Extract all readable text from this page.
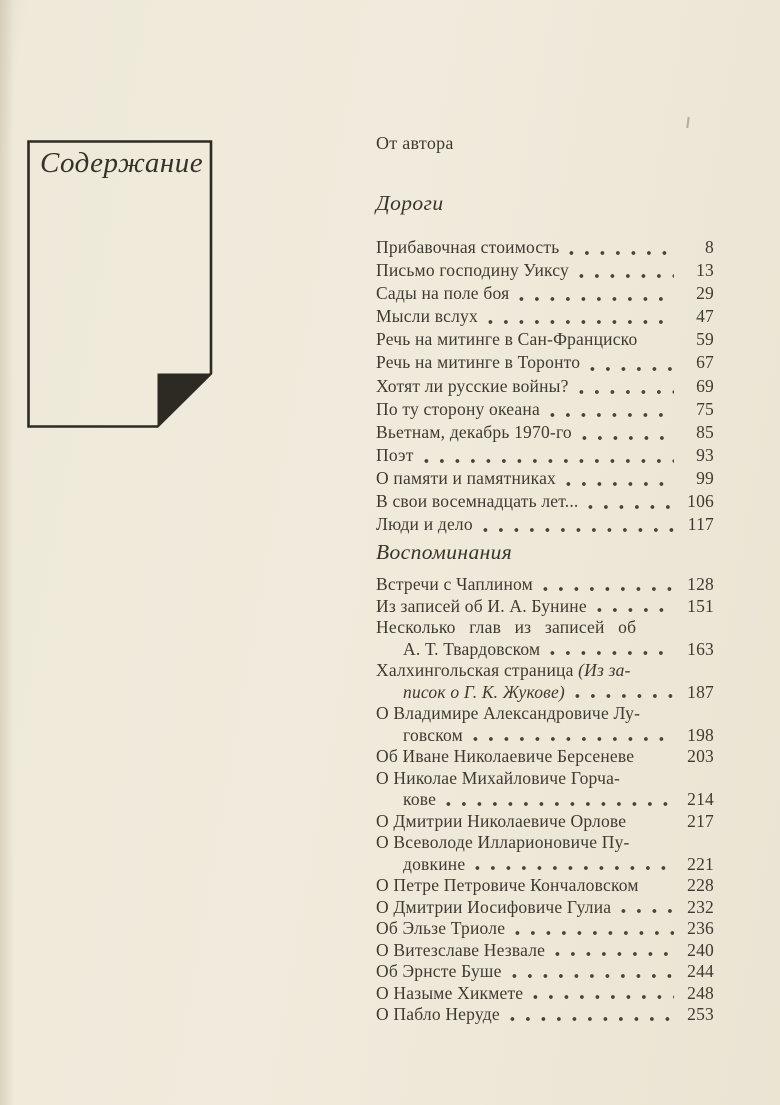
Содержание
От автора
Дороги
Прибавочная стоимость	8
Письмо господину Уиксу	13
Сады на поле боя	29
Мысли вслух	47
Речь на митинге в Сан-Франциско	59
Речь на митинге в Торонто	67
Хотят ли русские войны?	69
По ту сторону океана	75
Вьетнам, декабрь 1970-го	85
Поэт	93
О памяти и памятниках	99
В свои восемнадцать лет...	106
Люди и дело	117
Воспоминания
Встречи с Чаплином	128
Из записей об И. А. Бунине	151
Несколько глав из записей об
А. Т. Твардовском	163
Халхингольская страница (Из за-
писок о Г. К. Жукове)	187
О Владимире Александровиче Лу-
говском	198
Об Иване Николаевиче Берсеневе	203
О Николае Михайловиче Горча-
кове	214
О Дмитрии Николаевиче Орлове	217
О Всеволоде Илларионовиче Пу-
довкине	221
О Петре Петровиче Кончаловском	228
О Дмитрии Иосифовиче Гулиа	232
Об Эльзе Триоле	236
О Витезславе Незвале	240
Об Эрнсте Буше	244
О Назыме Хикмете	248
О Пабло Неруде	253
